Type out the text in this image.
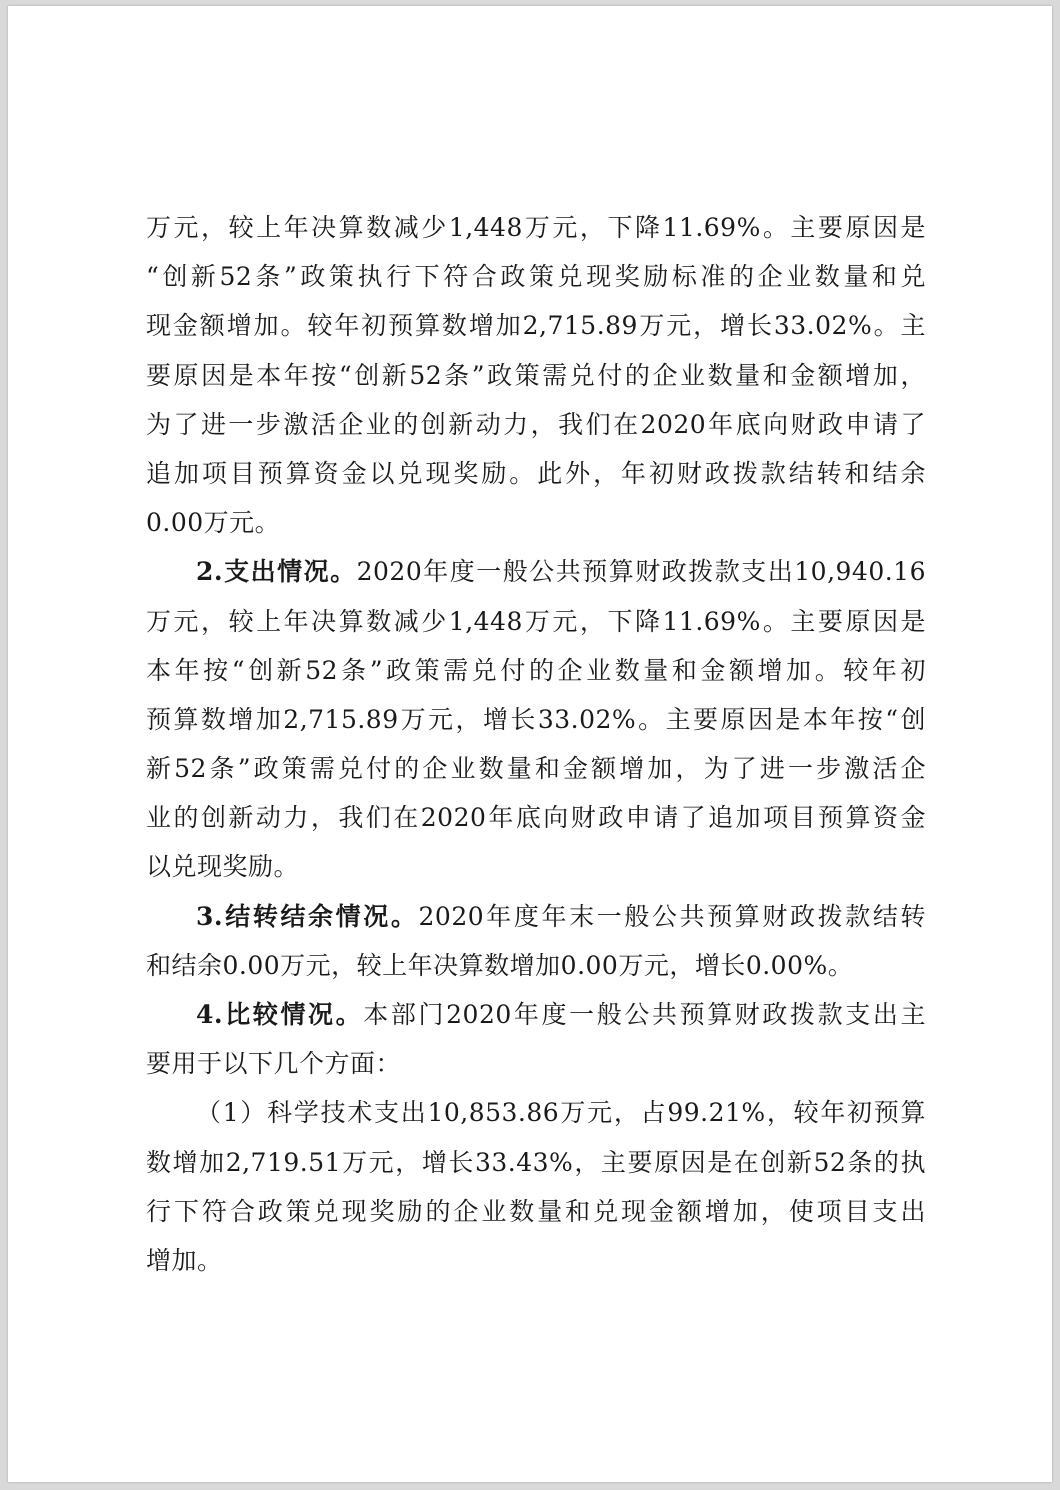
万元，较上年决算数减少1,448万元，下降11.69%。主要原因是
“创新52条”政策执行下符合政策兑现奖励标准的企业数量和兑
现金额增加。较年初预算数增加2,715.89万元，增长33.02%。主
要原因是本年按“创新52条”政策需兑付的企业数量和金额增加，
为了进一步激活企业的创新动力，我们在2020年底向财政申请了
追加项目预算资金以兑现奖励。此外，年初财政拨款结转和结余
0.00万元。
2.支出情况。2020年度一般公共预算财政拨款支出10,940.16
万元，较上年决算数减少1,448万元，下降11.69%。主要原因是
本年按“创新52条”政策需兑付的企业数量和金额增加。较年初
预算数增加2,715.89万元，增长33.02%。主要原因是本年按“创
新52条”政策需兑付的企业数量和金额增加，为了进一步激活企
业的创新动力，我们在2020年底向财政申请了追加项目预算资金
以兑现奖励。
3.结转结余情况。2020年度年末一般公共预算财政拨款结转
和结余0.00万元，较上年决算数增加0.00万元，增长0.00%。
4.比较情况。本部门2020年度一般公共预算财政拨款支出主
要用于以下几个方面：
（1）科学技术支出10,853.86万元，占99.21%，较年初预算
数增加2,719.51万元，增长33.43%，主要原因是在创新52条的执
行下符合政策兑现奖励的企业数量和兑现金额增加，使项目支出
增加。
